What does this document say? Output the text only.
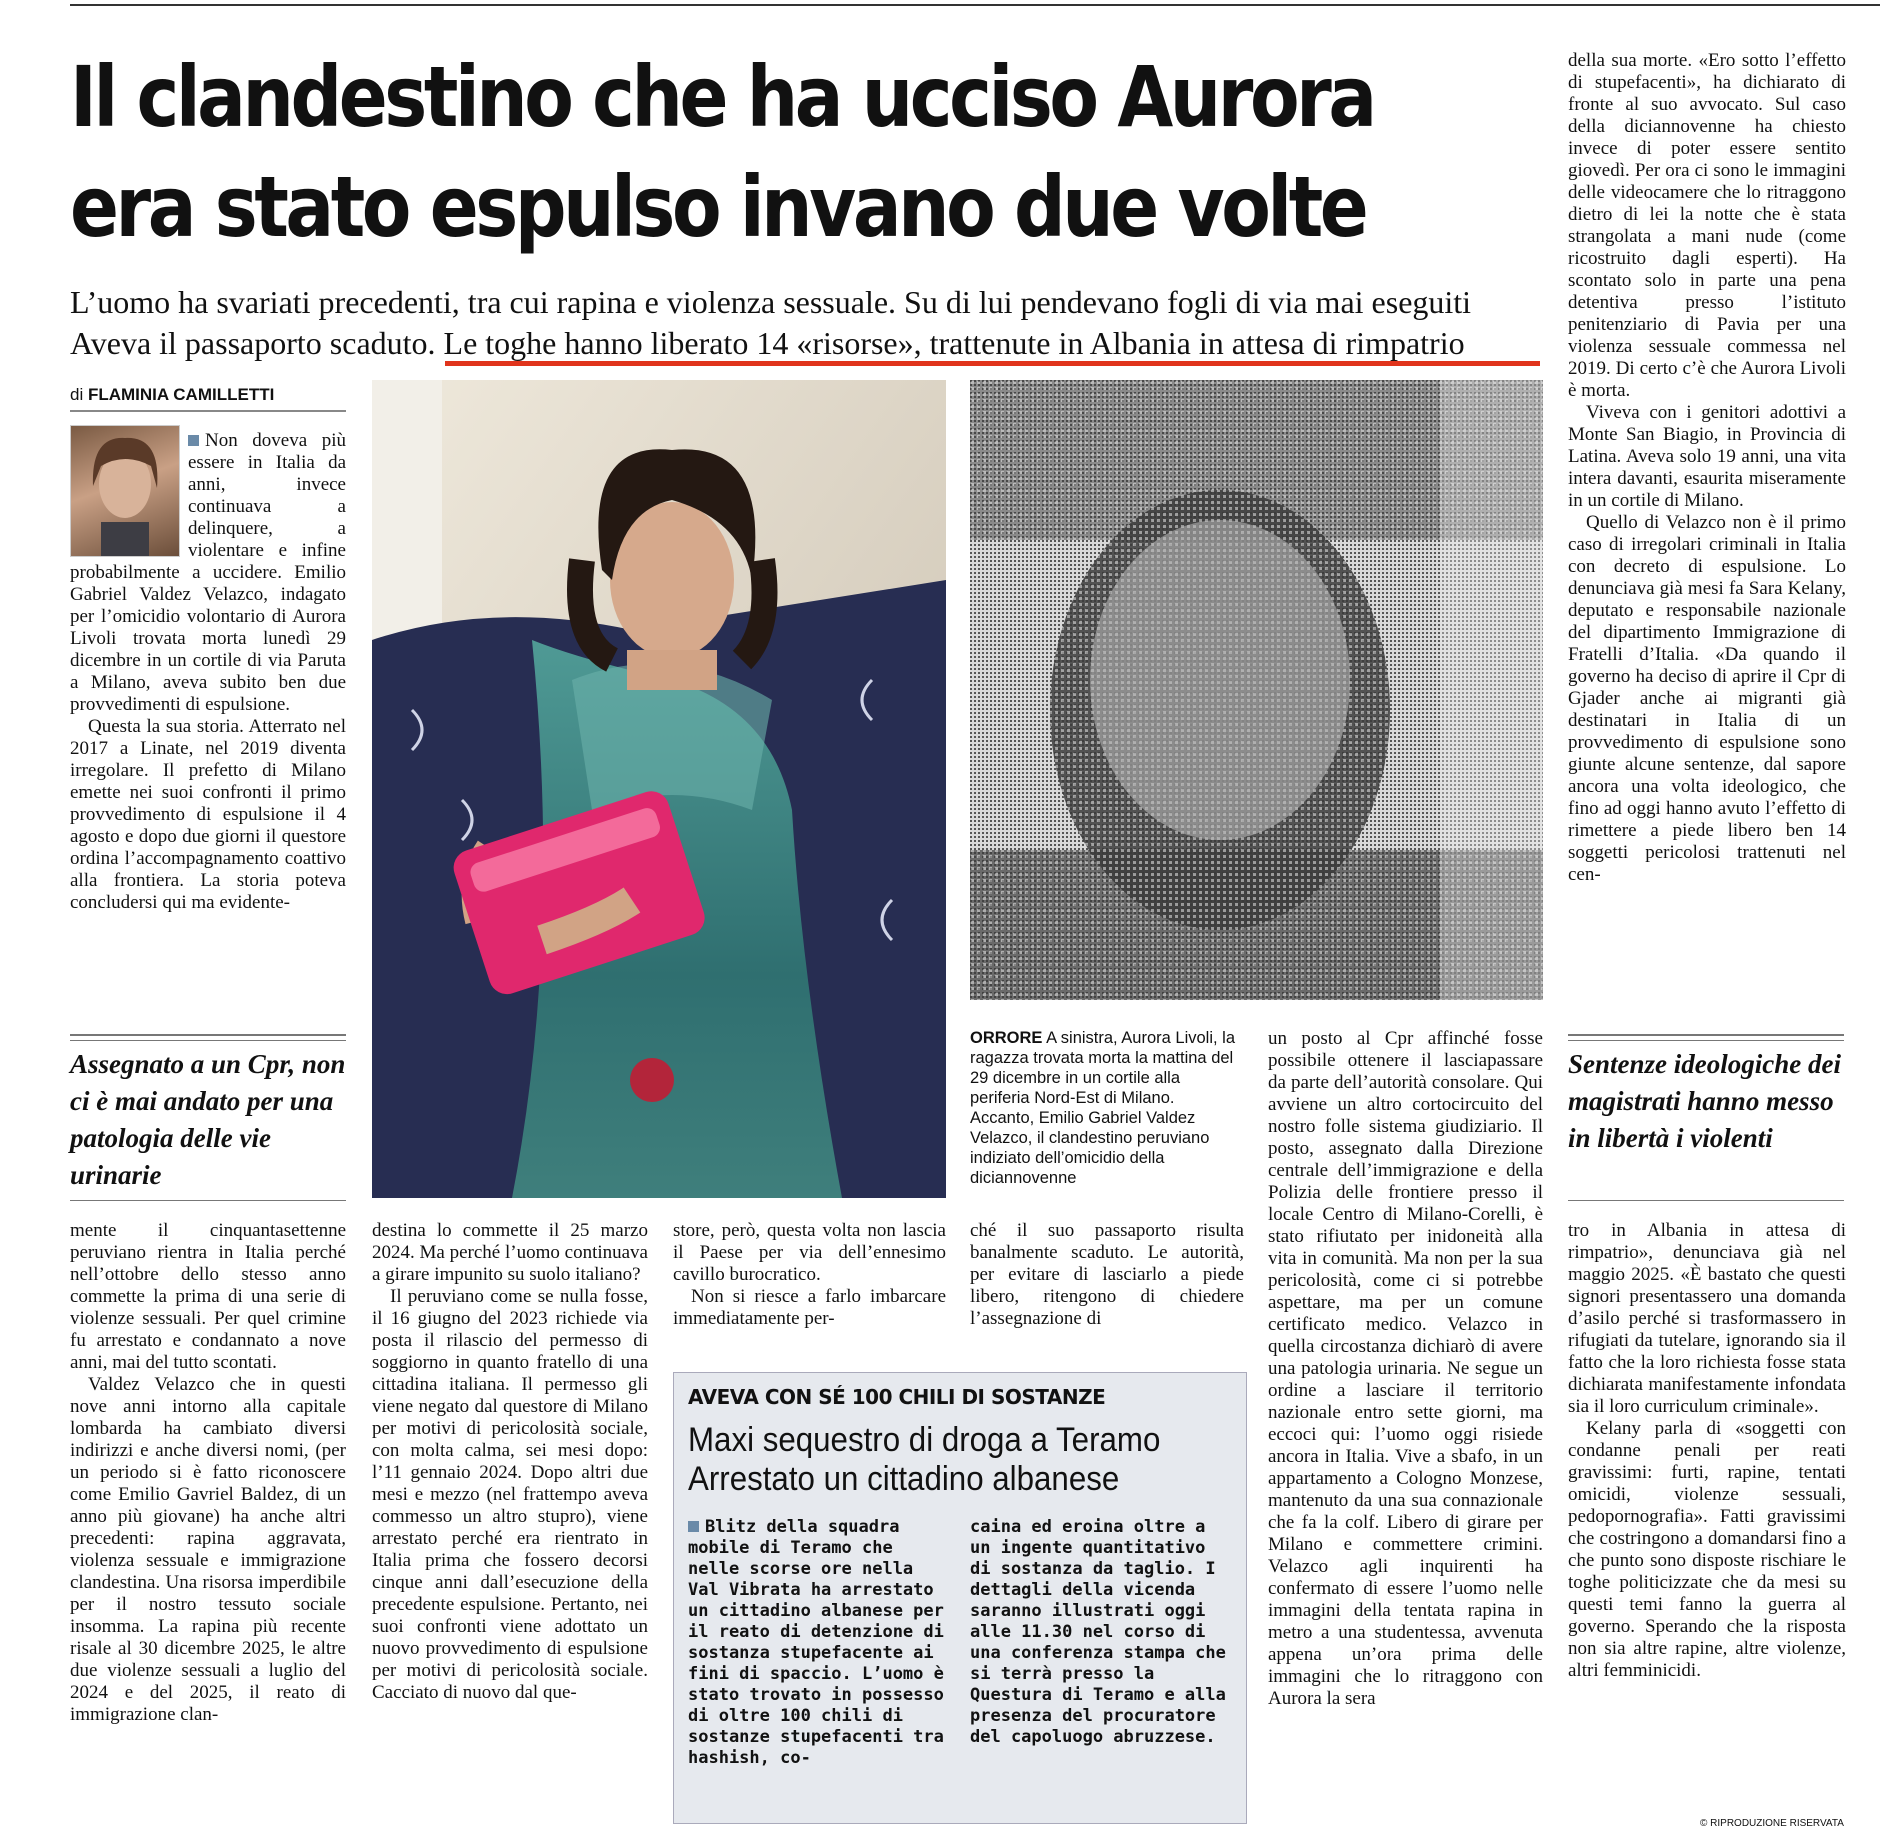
Il clandestino che ha ucciso Aurora
era stato espulso invano due volte
L’uomo ha svariati precedenti, tra cui rapina e violenza sessuale. Su di lui pendevano fogli di via mai eseguiti
Aveva il passaporto scaduto. Le toghe hanno liberato 14 «risorse», trattenute in Albania in attesa di rimpatrio
di FLAMINIA CAMILLETTI

Non doveva più essere in Italia da anni, invece continuava a delinquere, a violentare e infine probabilmente a uccidere. Emilio Gabriel Valdez Velazco, indagato per l’omicidio volontario di Aurora Livoli trovata morta lunedì 29 dicembre in un cortile di via Paruta a Milano, aveva subito ben due provvedimenti di espulsione.

Questa la sua storia. Atterrato nel 2017 a Linate, nel 2019 diventa irregolare. Il prefetto di Milano emette nei suoi confronti il primo provvedimento di espulsione il 4 agosto e dopo due giorni il questore ordina l’accompagnamento coattivo alla frontiera. La storia poteva concludersi qui ma evidente-

Assegnato a un Cpr, non ci è mai andato per una patologia delle vie urinarie
ORRORE A sinistra, Aurora Livoli, la ragazza trovata morta la mattina del 29 dicembre in un cortile alla periferia Nord-Est di Milano. Accanto, Emilio Gabriel Valdez Velazco, il clandestino peruviano indiziato dell’omicidio della diciannovenne

mente il cinquantasettenne peruviano rientra in Italia perché nell’ottobre dello stesso anno commette la prima di una serie di violenze sessuali. Per quel crimine fu arrestato e condannato a nove anni, mai del tutto scontati.

Valdez Velazco che in questi nove anni intorno alla capitale lombarda ha cambiato diversi indirizzi e anche diversi nomi, (per un periodo si è fatto riconoscere come Emilio Gavriel Baldez, di un anno più giovane) ha anche altri precedenti: rapina aggravata, violenza sessuale e immigrazione clandestina. Una risorsa imperdibile per il nostro tessuto sociale insomma. La rapina più recente risale al 30 dicembre 2025, le altre due violenze sessuali a luglio del 2024 e del 2025, il reato di immigrazione clan-

destina lo commette il 25 marzo 2024. Ma perché l’uomo continuava a girare impunito su suolo italiano?

Il peruviano come se nulla fosse, il 16 giugno del 2023 richiede via posta il rilascio del permesso di soggiorno in quanto fratello di una cittadina italiana. Il permesso gli viene negato dal questore di Milano per motivi di pericolosità sociale, con molta calma, sei mesi dopo: l’11 gennaio 2024. Dopo altri due mesi e mezzo (nel frattempo aveva commesso un altro stupro), viene arrestato perché era rientrato in Italia prima che fossero decorsi cinque anni dall’esecuzione della precedente espulsione. Pertanto, nei suoi confronti viene adottato un nuovo provvedimento di espulsione per motivi di pericolosità sociale. Cacciato di nuovo dal que-

store, però, questa volta non lascia il Paese per via dell’ennesimo cavillo burocratico.

Non si riesce a farlo imbarcare immediatamente per-

ché il suo passaporto risulta banalmente scaduto. Le autorità, per evitare di lasciarlo a piede libero, ritengono di chiedere l’assegnazione di

un posto al Cpr affinché fosse possibile ottenere il lasciapassare da parte dell’autorità consolare. Qui avviene un altro cortocircuito del nostro folle sistema giudiziario. Il posto, assegnato dalla Direzione centrale dell’immigrazione e della Polizia delle frontiere presso il locale Centro di Milano-Corelli, è stato rifiutato per inidoneità alla vita in comunità. Ma non per la sua pericolosità, come ci si potrebbe aspettare, ma per un comune certificato medico. Velazco in quella circostanza dichiarò di avere una patologia urinaria. Ne segue un ordine a lasciare il territorio nazionale entro sette giorni, ma eccoci qui: l’uomo oggi risiede ancora in Italia. Vive a sbafo, in un appartamento a Cologno Monzese, mantenuto da una sua connazionale che fa la colf. Libero di girare per Milano e commettere crimini. Velazco agli inquirenti ha confermato di essere l’uomo nelle immagini della tentata rapina in metro a una studentessa, avvenuta appena un’ora prima delle immagini che lo ritraggono con Aurora la sera

della sua morte. «Ero sotto l’effetto di stupefacenti», ha dichiarato di fronte al suo avvocato. Sul caso della diciannovenne ha chiesto invece di poter essere sentito giovedì. Per ora ci sono le immagini delle videocamere che lo ritraggono dietro di lei la notte che è stata strangolata a mani nude (come ricostruito dagli esperti). Ha scontato solo in parte una pena detentiva presso l’istituto penitenziario di Pavia per una violenza sessuale commessa nel 2019. Di certo c’è che Aurora Livoli è morta.

Viveva con i genitori adottivi a Monte San Biagio, in Provincia di Latina. Aveva solo 19 anni, una vita intera davanti, esaurita miseramente in un cortile di Milano.

Quello di Velazco non è il primo caso di irregolari criminali in Italia con decreto di espulsione. Lo denunciava già mesi fa Sara Kelany, deputato e responsabile nazionale del dipartimento Immigrazione di Fratelli d’Italia. «Da quando il governo ha deciso di aprire il Cpr di Gjader anche ai migranti già destinatari in Italia di un provvedimento di espulsione sono giunte alcune sentenze, dal sapore ancora una volta ideologico, che fino ad oggi hanno avuto l’effetto di rimettere a piede libero ben 14 soggetti pericolosi trattenuti nel cen-

Sentenze ideologiche dei magistrati hanno messo in libertà i violenti

tro in Albania in attesa di rimpatrio», denunciava già nel maggio 2025. «È bastato che questi signori presentassero una domanda d’asilo perché si trasformassero in rifugiati da tutelare, ignorando sia il fatto che la loro richiesta fosse stata dichiarata manifestamente infondata sia il loro curriculum criminale».

Kelany parla di «soggetti con condanne penali per reati gravissimi: furti, rapine, tentati omicidi, violenze sessuali, pedopornografia». Fatti gravissimi che costringono a domandarsi fino a che punto sono disposte rischiare le toghe politicizzate che da mesi su questi temi fanno la guerra al governo. Sperando che la risposta non sia altre rapine, altre violenze, altri femminicidi.

AVEVA CON SÉ 100 CHILI DI SOSTANZE
Maxi sequestro di droga a Teramo
Arrestato un cittadino albanese
Blitz della squadra mobile di Teramo che nelle scorse ore nella Val Vibrata ha arrestato un cittadino albanese per il reato di detenzione di sostanza stupefacente ai fini di spaccio. L’uomo è stato trovato in possesso di oltre 100 chili di sostanze stupefacenti tra hashish, co-
caina ed eroina oltre a un ingente quantitativo di sostanza da taglio. I dettagli della vicenda saranno illustrati oggi alle 11.30 nel corso di una conferenza stampa che si terrà presso la Questura di Teramo e alla presenza del procuratore del capoluogo abruzzese.
© RIPRODUZIONE RISERVATA
